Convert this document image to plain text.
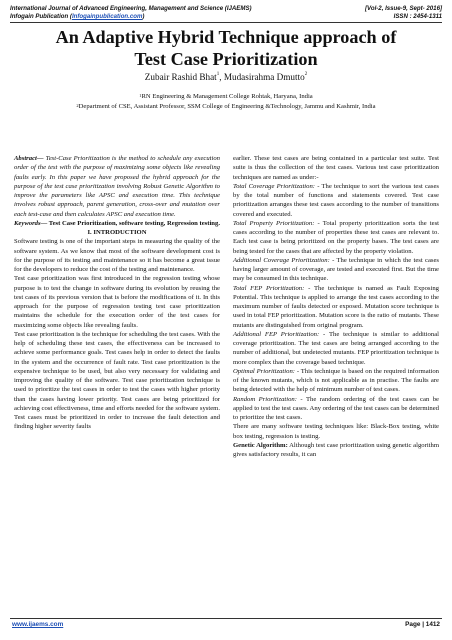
International Journal of Advanced Engineering, Management and Science (IJAEMS)	[Vol-2, Issue-9, Sept- 2016]
Infogain Publication (Infogainpublication.com)	ISSN : 2454-1311
An Adaptive Hybrid Technique approach of
Test Case Prioritization
Zubair Rashid Bhat$^1$, Mudasirahma Dmutto$^2$
$^1$RN Engineering & Management College Rohtak, Haryana, India
$^2$Department of CSE, Assistant Professor, SSM College of Engineering &Technology, Jammu and Kashmir, India

Abstract— Test-Case Prioritization is the method to schedule any execution order of the test with the purpose of maximizing some objects like revealing faults early. In this paper we have proposed the hybrid approach for the purpose of the test case prioritization involving Robust Genetic Algorithm to improve the parameters like APSC and execution time. This technique involves robust approach, parent generation, cross-over and mutation over each test-case and then calculates APSC and execution time.

Keywords— Test Case Prioritization, software testing, Regression testing.

I. INTRODUCTION

Software testing is one of the important steps in measuring the quality of the software system. As we know that most of the software development cost is for the purpose of its testing and maintenance so it has become a great issue for the developers to reduce the cost of the testing and maintenance.

Test case prioritization was first introduced in the regression testing whose purpose is to test the change in software during its evolution by reusing the test cases of its previous version that is before the modifications of it. In this approach for the purpose of regression testing test case prioritization maintains the schedule for the execution order of the test cases for maximizing some objects like revealing faults.

Test case prioritization is the technique for scheduling the test cases. With the help of scheduling these test cases, the effectiveness can be increased to achieve some performance goals. Test cases help in order to detect the faults in the system and the occurrence of fault rate. Test case prioritization is the expensive technique to be used, but also very necessary for validating and improving the quality of the software. Test case prioritization technique is used to prioritize the test cases in order to test the cases with higher priority than the cases having lower priority. Test cases are being prioritized for achieving cost effectiveness, time and efforts needed for the software system. Test cases must be prioritized in order to increase the fault detection and finding higher severity faults

earlier. These test cases are being contained in a particular test suite. Test suite is thus the collection of the test cases. Various test case prioritization techniques are named as under:-

Total Coverage Prioritization: - The technique to sort the various test cases by the total number of functions and statements covered. Test case prioritization arranges these test cases according to the number of transitions covered and executed.

Total Property Prioritization: - Total property prioritization sorts the test cases according to the number of properties these test cases are relevant to. Each test case is being prioritized on the property bases. The test cases are being tested for the cases that are affected by the property violation.

Additional Coverage Prioritization: - The technique in which the test cases having larger amount of coverage, are tested and executed first. But the time may be consumed in this technique.

Total FEP Prioritization: - The technique is named as Fault Exposing Potential. This technique is applied to arrange the test cases according to the maximum number of faults detected or exposed. Mutation score technique is used in total FEP prioritization. Mutation score is the ratio of mutants. These mutants are distinguished from original program.

Additional FEP Prioritization: - The technique is similar to additional coverage prioritization. The test cases are being arranged according to the number of additional, but undetected mutants. FEP prioritization technique is more complex than the coverage based technique.

Optimal Prioritization: - This technique is based on the required information of the known mutants, which is not applicable as in practise. The faults are being detected with the help of minimum number of test cases.

Random Prioritization: - The random ordering of the test cases can be applied to test the test cases. Any ordering of the test cases can be determined to prioritize the test cases.

There are many software testing techniques like: Black-Box testing, white box testing, regression is testing.

Genetic Algorithm: Although test case prioritization using genetic algorithm gives satisfactory results, it can

www.ijaems.com	Page | 1412
